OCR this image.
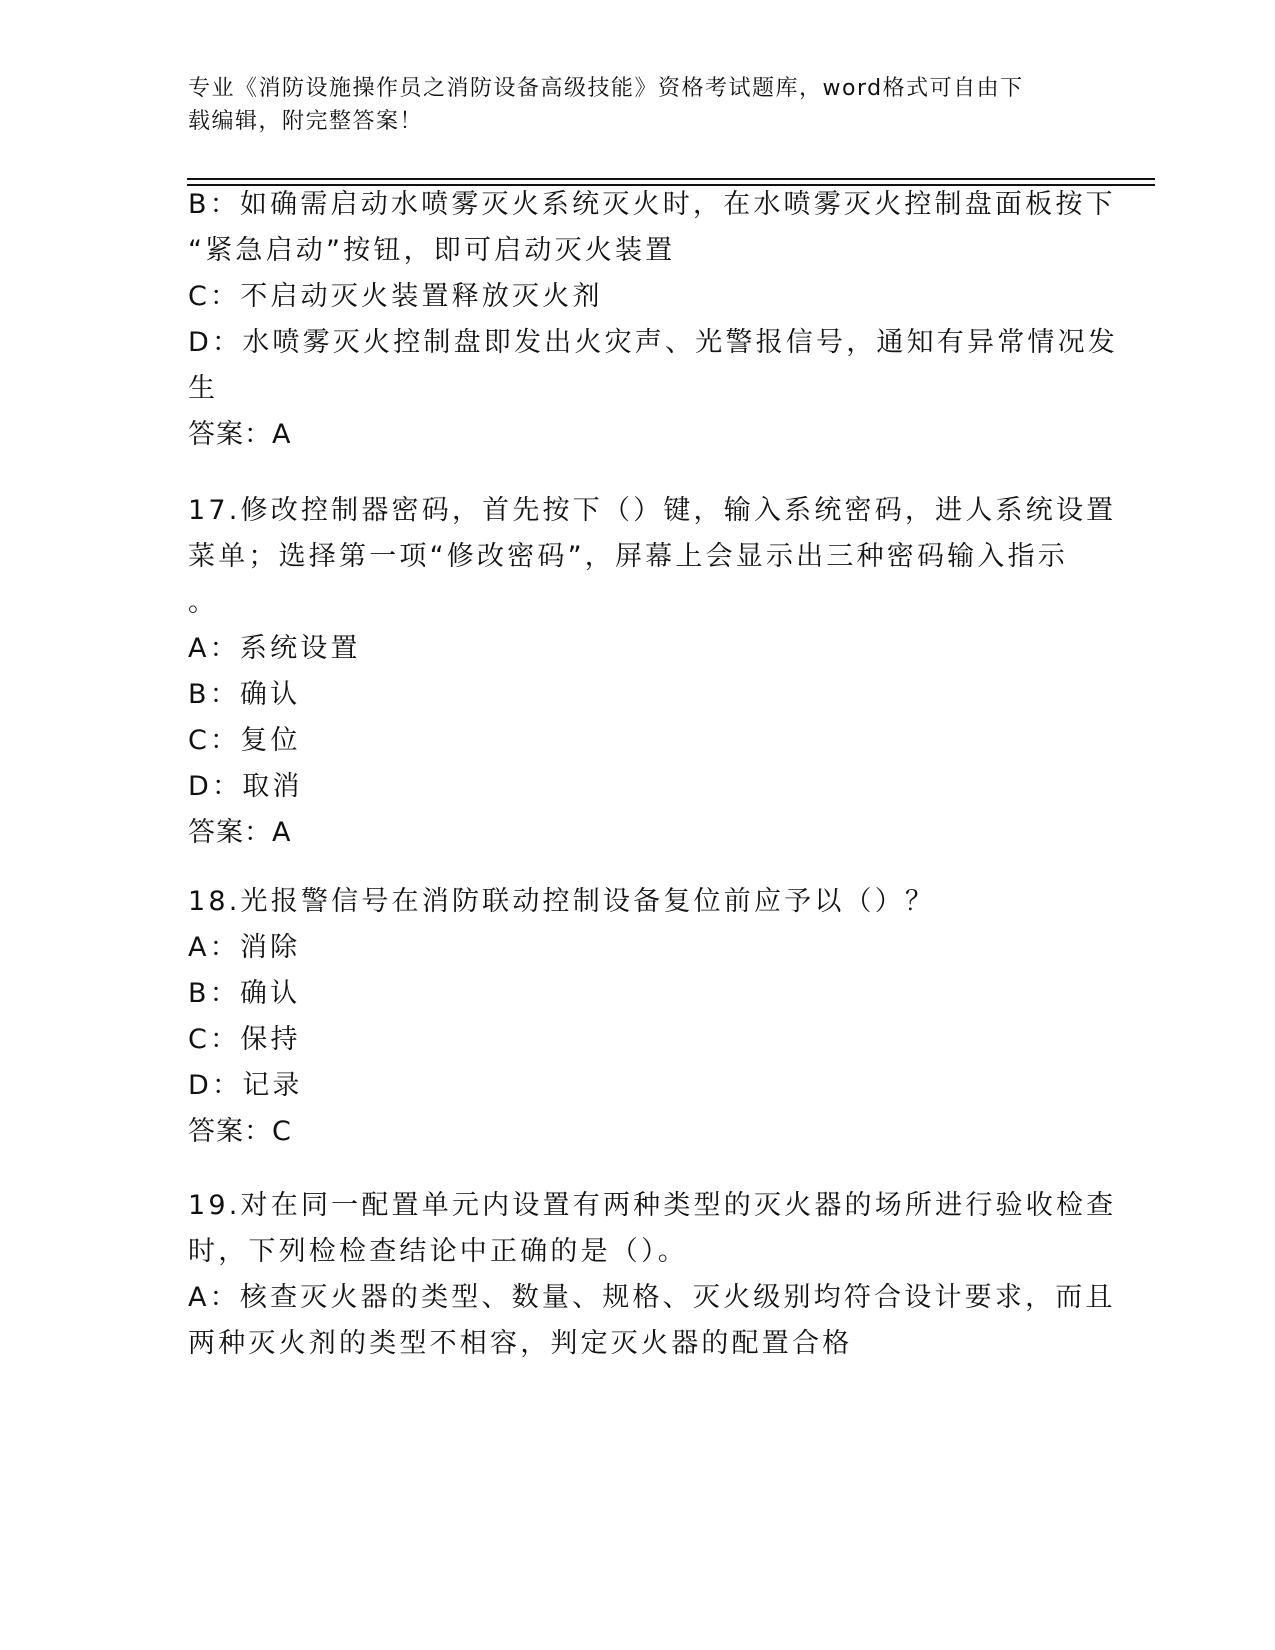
专业《消防设施操作员之消防设备高级技能》资格考试题库，word格式可自由下
载编辑，附完整答案！
B：如确需启动水喷雾灭火系统灭火时，在水喷雾灭火控制盘面板按下
“紧急启动”按钮，即可启动灭火装置
C：不启动灭火装置释放灭火剂
D：水喷雾灭火控制盘即发出火灾声、光警报信号，通知有异常情况发
生
答案：A
17.修改控制器密码，首先按下（）键，输入系统密码，进人系统设置
菜单；选择第一项“修改密码”，屏幕上会显示出三种密码输入指示
。
A：系统设置
B：确认
C：复位
D：取消
答案：A
18.光报警信号在消防联动控制设备复位前应予以（）？
A：消除
B：确认
C：保持
D：记录
答案：C
19.对在同一配置单元内设置有两种类型的灭火器的场所进行验收检查
时，下列检检查结论中正确的是（）。
A：核查灭火器的类型、数量、规格、灭火级别均符合设计要求，而且
两种灭火剂的类型不相容，判定灭火器的配置合格
